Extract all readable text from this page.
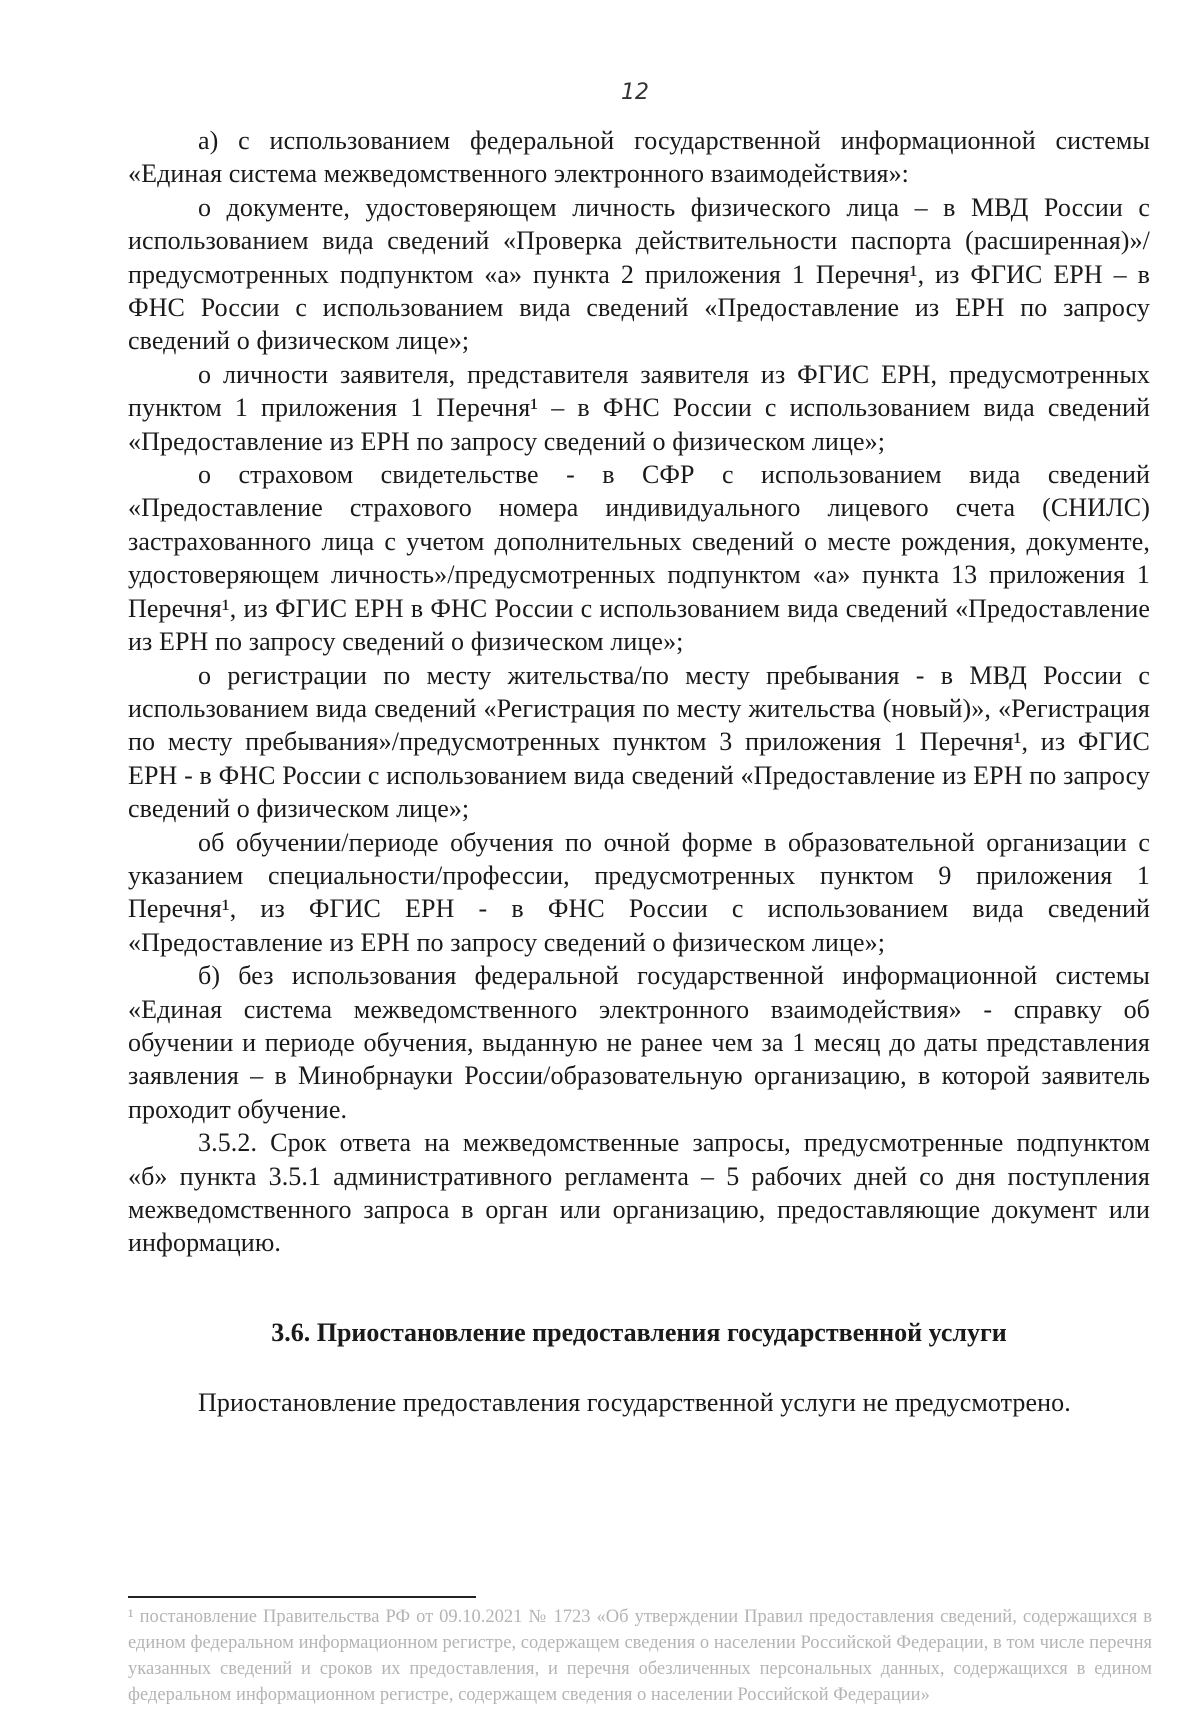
12

а) с использованием федеральной государственной информационной системы «Единая система межведомственного электронного взаимодействия»:

о документе, удостоверяющем личность физического лица – в МВД России с использованием вида сведений «Проверка действительности паспорта (расширенная)»/предусмотренных подпунктом «а» пункта 2 приложения 1 Перечня¹, из ФГИС ЕРН – в ФНС России с использованием вида сведений «Предоставление из ЕРН по запросу сведений о физическом лице»;

о личности заявителя, представителя заявителя из ФГИС ЕРН, предусмотренных пунктом 1 приложения 1 Перечня¹ – в ФНС России с использованием вида сведений «Предоставление из ЕРН по запросу сведений о физическом лице»;

о страховом свидетельстве - в СФР с использованием вида сведений «Предоставление страхового номера индивидуального лицевого счета (СНИЛС) застрахованного лица с учетом дополнительных сведений о месте рождения, документе, удостоверяющем личность»/предусмотренных подпунктом «а» пункта 13 приложения 1 Перечня¹, из ФГИС ЕРН в ФНС России с использованием вида сведений «Предоставление из ЕРН по запросу сведений о физическом лице»;

о регистрации по месту жительства/по месту пребывания - в МВД России с использованием вида сведений «Регистрация по месту жительства (новый)», «Регистрация по месту пребывания»/предусмотренных пунктом 3 приложения 1 Перечня¹, из ФГИС ЕРН - в ФНС России с использованием вида сведений «Предоставление из ЕРН по запросу сведений о физическом лице»;

об обучении/периоде обучения по очной форме в образовательной организации с указанием специальности/профессии, предусмотренных пунктом 9 приложения 1 Перечня¹, из ФГИС ЕРН - в ФНС России с использованием вида сведений «Предоставление из ЕРН по запросу сведений о физическом лице»;

б) без использования федеральной государственной информационной системы «Единая система межведомственного электронного взаимодействия» - справку об обучении и периоде обучения, выданную не ранее чем за 1 месяц до даты представления заявления – в Минобрнауки России/образовательную организацию, в которой заявитель проходит обучение.

3.5.2. Срок ответа на межведомственные запросы, предусмотренные подпунктом «б» пункта 3.5.1 административного регламента – 5 рабочих дней со дня поступления межведомственного запроса в орган или организацию, предоставляющие документ или информацию.

3.6. Приостановление предоставления государственной услуги

Приостановление предоставления государственной услуги не предусмотрено.

¹ постановление Правительства РФ от 09.10.2021 № 1723 «Об утверждении Правил предоставления сведений, содержащихся в едином федеральном информационном регистре, содержащем сведения о населении Российской Федерации, в том числе перечня указанных сведений и сроков их предоставления, и перечня обезличенных персональных данных, содержащихся в едином федеральном информационном регистре, содержащем сведения о населении Российской Федерации»
